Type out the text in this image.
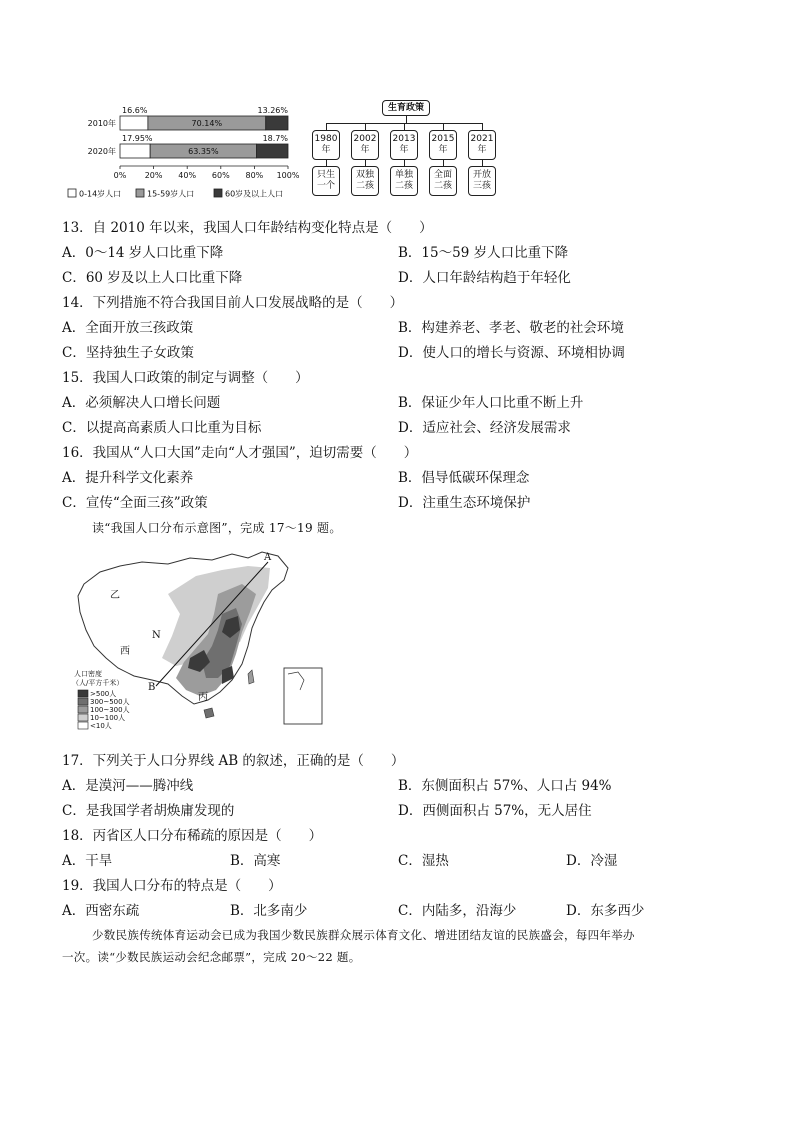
2010年
16.6%
70.14%
13.26%
2020年
17.95%
63.35%
18.7%
0% 20% 40% 60% 80% 100%
0-14岁人口	15-59岁人口	60岁及以上人口
生育政策
1980
年
只生
一个
2002
年
双独
二孩
2013
年
单独
二孩
2015
年
全面
二孩
2021
年
开放
三孩
13．自 2010 年以来，我国人口年龄结构变化特点是（　　）
A．0～14 岁人口比重下降	B．15～59 岁人口比重下降
C．60 岁及以上人口比重下降	D．人口年龄结构趋于年轻化
14．下列措施不符合我国目前人口发展战略的是（　　）
A．全面开放三孩政策	B．构建养老、孝老、敬老的社会环境
C．坚持独生子女政策	D．使人口的增长与资源、环境相协调
15．我国人口政策的制定与调整（　　）
A．必须解决人口增长问题	B．保证少年人口比重不断上升
C．以提高高素质人口比重为目标	D．适应社会、经济发展需求
16．我国从“人口大国”走向“人才强国”，迫切需要（　　）
A．提升科学文化素养	B．倡导低碳环保理念
C．宣传“全面三孩”政策	D．注重生态环境保护
读“我国人口分布示意图”，完成 17～19 题。
A
B
乙
N
西
丙
人口密度
（人/平方千米）
>500人
300~500人
100~300人
10~100人
<10人
17．下列关于人口分界线 AB 的叙述，正确的是（　　）
A．是漠河——腾冲线	B．东侧面积占 57%、人口占 94%
C．是我国学者胡焕庸发现的	D．西侧面积占 57%，无人居住
18．丙省区人口分布稀疏的原因是（　　）
A．干旱	B．高寒	C．湿热	D．冷湿
19．我国人口分布的特点是（　　）
A．西密东疏	B．北多南少	C．内陆多，沿海少	D．东多西少
少数民族传统体育运动会已成为我国少数民族群众展示体育文化、增进团结友谊的民族盛会，每四年举办
一次。读“少数民族运动会纪念邮票”，完成 20～22 题。
